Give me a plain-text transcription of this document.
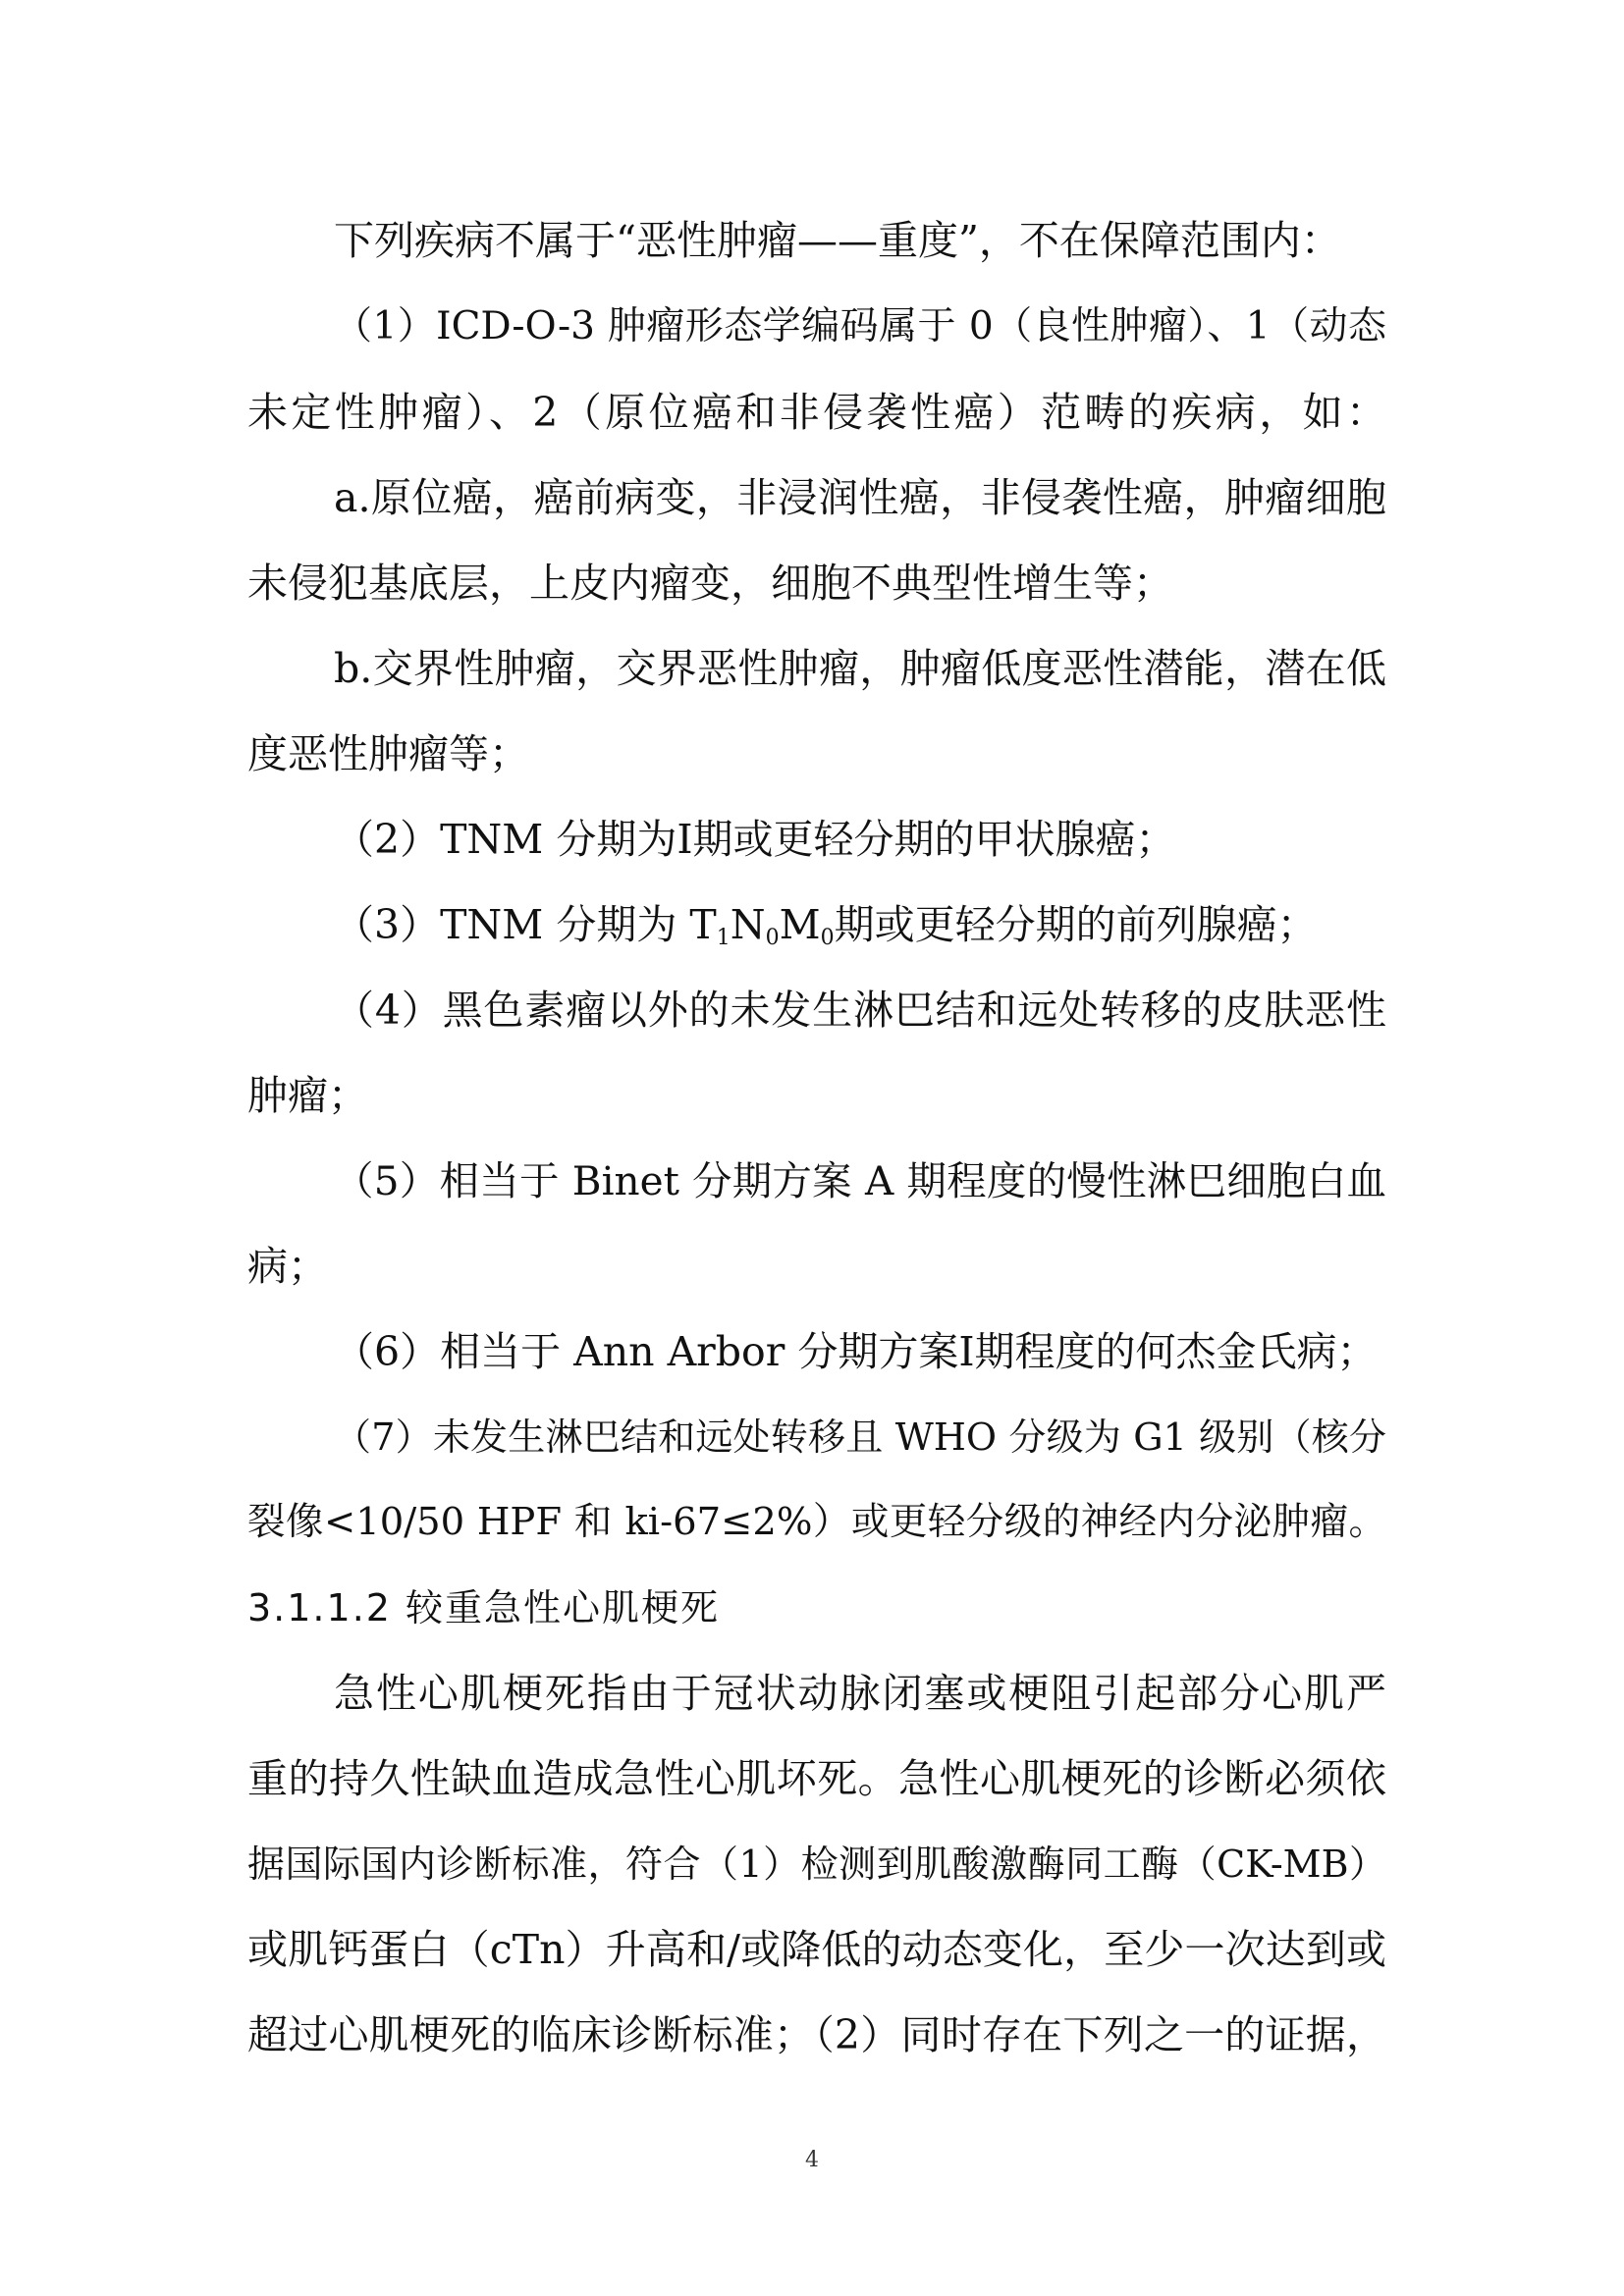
下列疾病不属于“恶性肿瘤——重度”，不在保障范围内：
（1）ICD-O-3 肿瘤形态学编码属于 0（良性肿瘤）、1（动态
未定性肿瘤）、2（原位癌和非侵袭性癌）范畴的疾病，如：
a.原位癌，癌前病变，非浸润性癌，非侵袭性癌，肿瘤细胞
未侵犯基底层，上皮内瘤变，细胞不典型性增生等；
b.交界性肿瘤，交界恶性肿瘤，肿瘤低度恶性潜能，潜在低
度恶性肿瘤等；
（2）TNM 分期为Ⅰ期或更轻分期的甲状腺癌；
（3）TNM 分期为 $T_1N_0M_0$期或更轻分期的前列腺癌；
（4）黑色素瘤以外的未发生淋巴结和远处转移的皮肤恶性
肿瘤；
（5）相当于 Binet 分期方案 A 期程度的慢性淋巴细胞白血
病；
（6）相当于 Ann Arbor 分期方案Ⅰ期程度的何杰金氏病；
（7）未发生淋巴结和远处转移且 WHO 分级为 G1 级别（核分
裂像<10/50 HPF 和 ki-67≤2%）或更轻分级的神经内分泌肿瘤。
3.1.1.2 较重急性心肌梗死
急性心肌梗死指由于冠状动脉闭塞或梗阻引起部分心肌严
重的持久性缺血造成急性心肌坏死。急性心肌梗死的诊断必须依
据国际国内诊断标准，符合（1）检测到肌酸激酶同工酶（CK-MB）
或肌钙蛋白（cTn）升高和/或降低的动态变化，至少一次达到或
超过心肌梗死的临床诊断标准；（2）同时存在下列之一的证据，
4
